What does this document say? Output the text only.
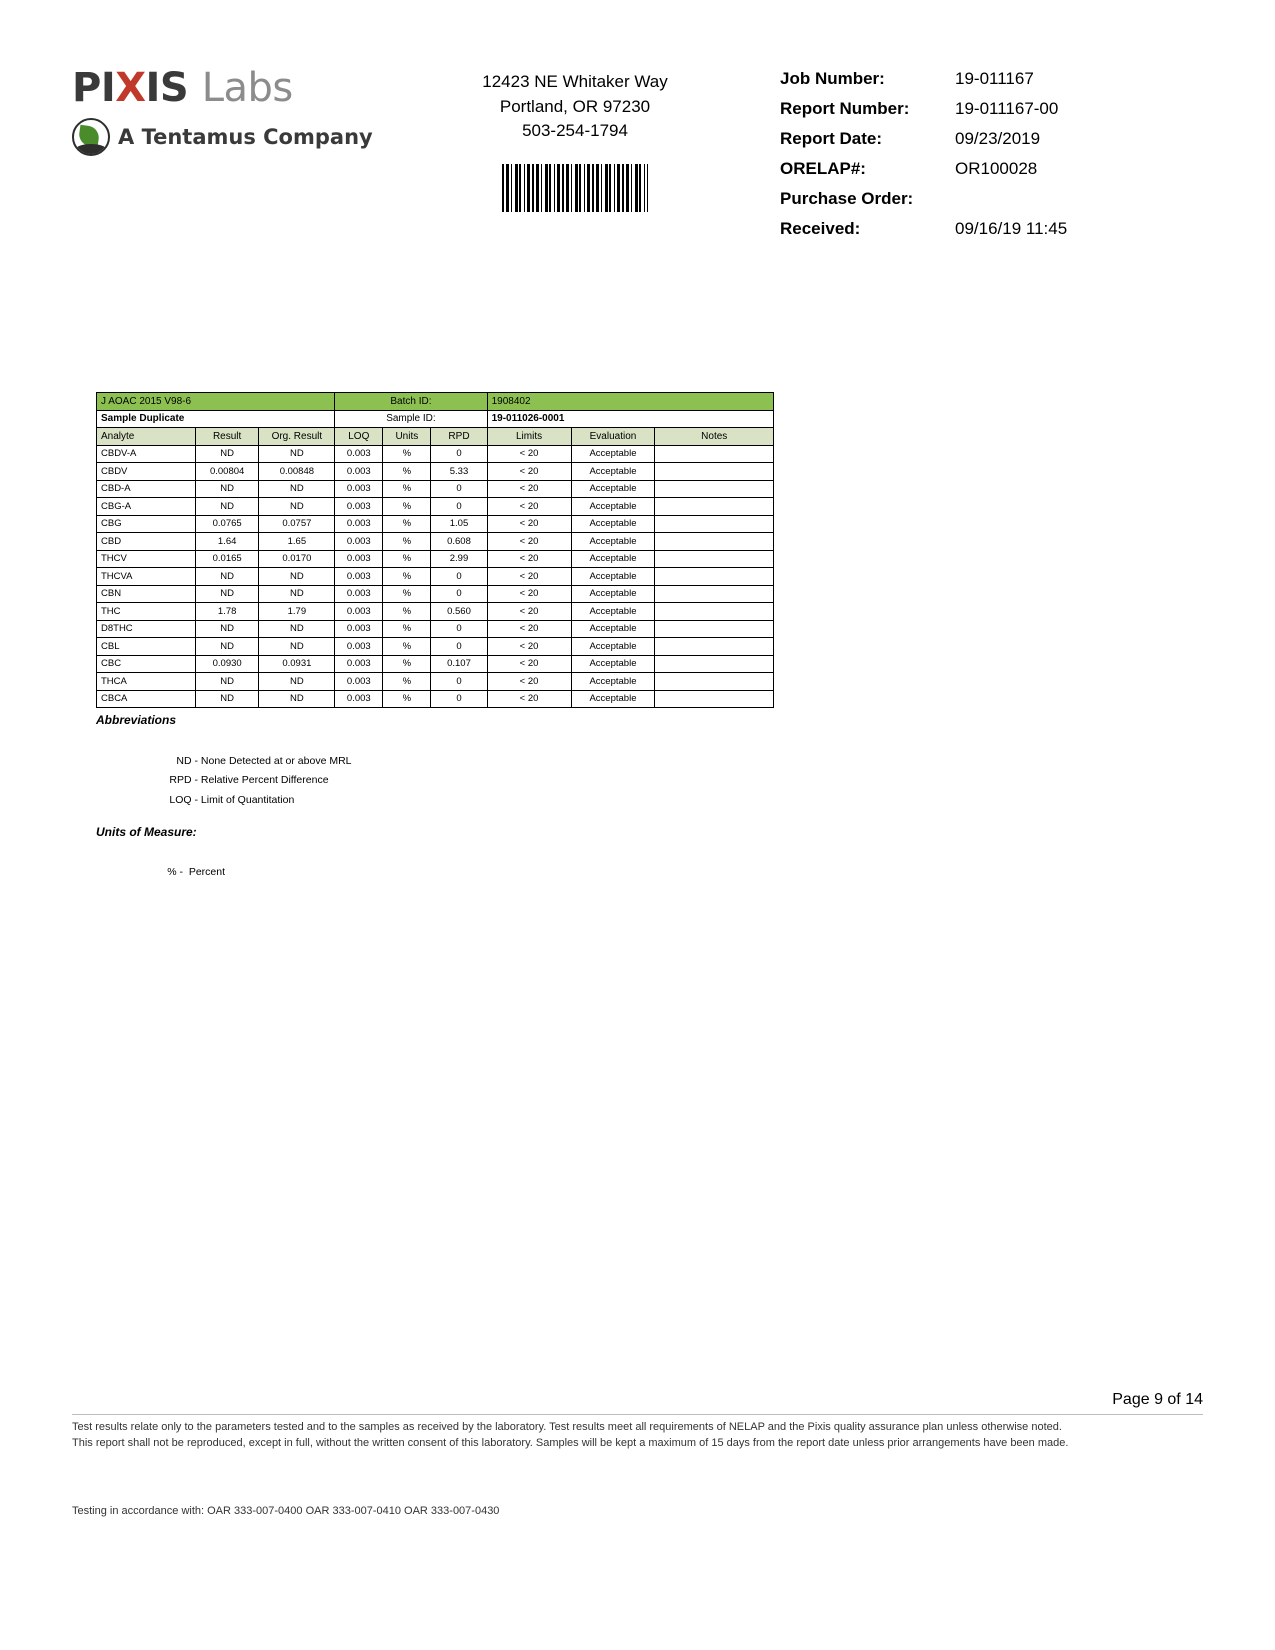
PIXIS Labs
A Tentamus Company
12423 NE Whitaker Way
Portland, OR 97230
503-254-1794
Job Number:	19-011167
Report Number:	19-011167-00
Report Date:	09/23/2019
ORELAP#:	OR100028
Purchase Order:
Received:	09/16/19 11:45
J AOAC 2015 V98-6			Batch ID:			1908402		
Sample Duplicate			Sample ID:			19-011026-0001		
Analyte	Result	Org. Result	LOQ	Units	RPD	Limits	Evaluation	Notes
CBDV-A	ND	ND	0.003	%	0	< 20	Acceptable	
CBDV	0.00804	0.00848	0.003	%	5.33	< 20	Acceptable	
CBD-A	ND	ND	0.003	%	0	< 20	Acceptable	
CBG-A	ND	ND	0.003	%	0	< 20	Acceptable	
CBG	0.0765	0.0757	0.003	%	1.05	< 20	Acceptable	
CBD	1.64	1.65	0.003	%	0.608	< 20	Acceptable	
THCV	0.0165	0.0170	0.003	%	2.99	< 20	Acceptable	
THCVA	ND	ND	0.003	%	0	< 20	Acceptable	
CBN	ND	ND	0.003	%	0	< 20	Acceptable	
THC	1.78	1.79	0.003	%	0.560	< 20	Acceptable	
D8THC	ND	ND	0.003	%	0	< 20	Acceptable	
CBL	ND	ND	0.003	%	0	< 20	Acceptable	
CBC	0.0930	0.0931	0.003	%	0.107	< 20	Acceptable	
THCA	ND	ND	0.003	%	0	< 20	Acceptable	
CBCA	ND	ND	0.003	%	0	< 20	Acceptable	
Abbreviations
ND - None Detected at or above MRL
RPD - Relative Percent Difference
LOQ - Limit of Quantitation
Units of Measure:
% - Percent
Page 9 of 14
Test results relate only to the parameters tested and to the samples as received by the laboratory. Test results meet all requirements of NELAP and the Pixis quality assurance plan unless otherwise noted. This report shall not be reproduced, except in full, without the written consent of this laboratory. Samples will be kept a maximum of 15 days from the report date unless prior arrangements have been made.
Testing in accordance with: OAR 333-007-0400 OAR 333-007-0410 OAR 333-007-0430
